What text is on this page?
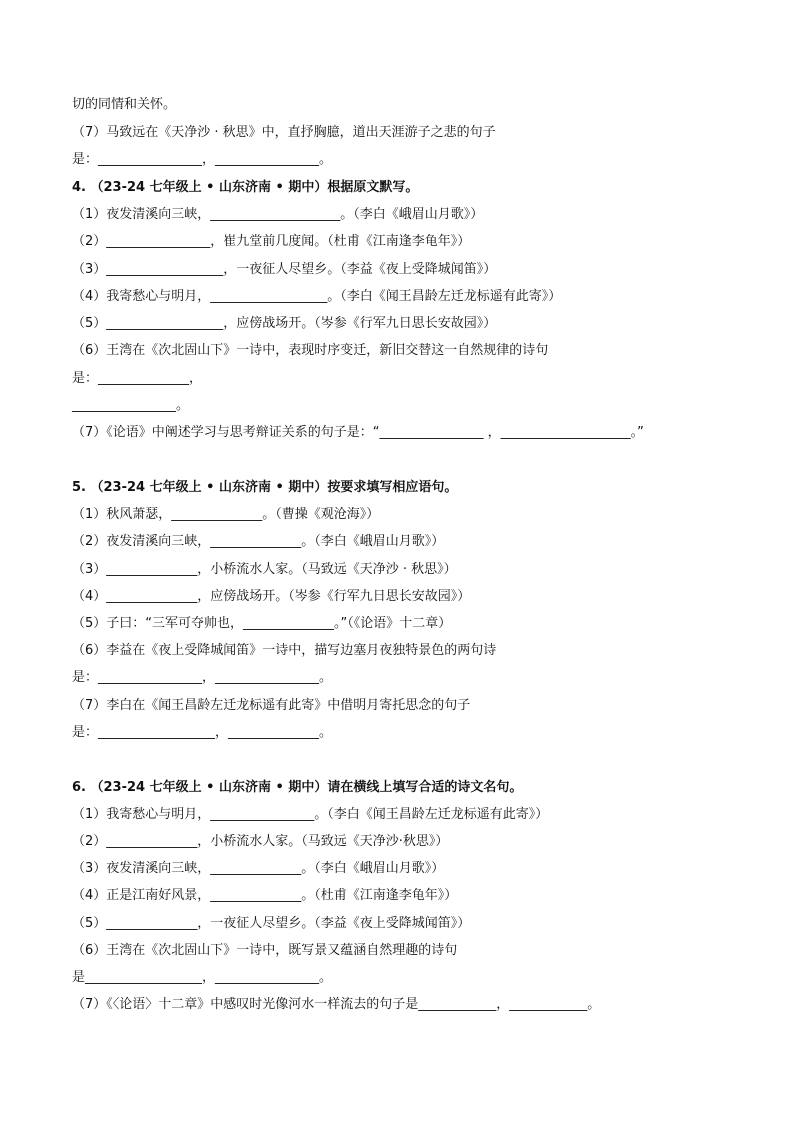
切的同情和关怀。
（7）马致远在《天净沙 · 秋思》中，直抒胸臆，道出天涯游子之悲的句子
是：________________，________________。
4. （23-24 七年级上 • 山东济南 • 期中）根据原文默写。
（1）夜发清溪向三峡，____________________。（李白《峨眉山月歌》）
（2）________________，崔九堂前几度闻。（杜甫《江南逢李龟年》）
（3）__________________，一夜征人尽望乡。（李益《夜上受降城闻笛》）
（4）我寄愁心与明月，__________________。（李白《闻王昌龄左迁龙标遥有此寄》）
（5）__________________，应傍战场开。（岑参《行军九日思长安故园》）
（6）王湾在《次北固山下》一诗中，表现时序变迁，新旧交替这一自然规律的诗句
是：______________，
________________。
（7）《论语》中阐述学习与思考辩证关系的句子是：“________________ ，____________________。”
5. （23-24 七年级上 • 山东济南 • 期中）按要求填写相应语句。
（1）秋风萧瑟，______________。（曹操《观沧海》）
（2）夜发清溪向三峡，______________。（李白《峨眉山月歌》）
（3）______________，小桥流水人家。（马致远《天净沙 · 秋思》）
（4）______________，应傍战场开。（岑参《行军九日思长安故园》）
（5）子曰：“三军可夺帅也，______________。”（《论语》十二章）
（6）李益在《夜上受降城闻笛》一诗中，描写边塞月夜独特景色的两句诗
是：________________，________________。
（7）李白在《闻王昌龄左迁龙标遥有此寄》中借明月寄托思念的句子
是：__________________，______________。
6. （23-24 七年级上 • 山东济南 • 期中）请在横线上填写合适的诗文名句。
（1）我寄愁心与明月，________________。（李白《闻王昌龄左迁龙标遥有此寄》）
（2）______________，小桥流水人家。（马致远《天净沙·秋思》）
（3）夜发清溪向三峡，______________。（李白《峨眉山月歌》）
（4）正是江南好风景，______________。（杜甫《江南逢李龟年》）
（5）______________，一夜征人尽望乡。（李益《夜上受降城闻笛》）
（6）王湾在《次北固山下》一诗中，既写景又蕴涵自然理趣的诗句
是__________________，________________。
（7）《〈论语〉十二章》中感叹时光像河水一样流去的句子是____________，____________。
